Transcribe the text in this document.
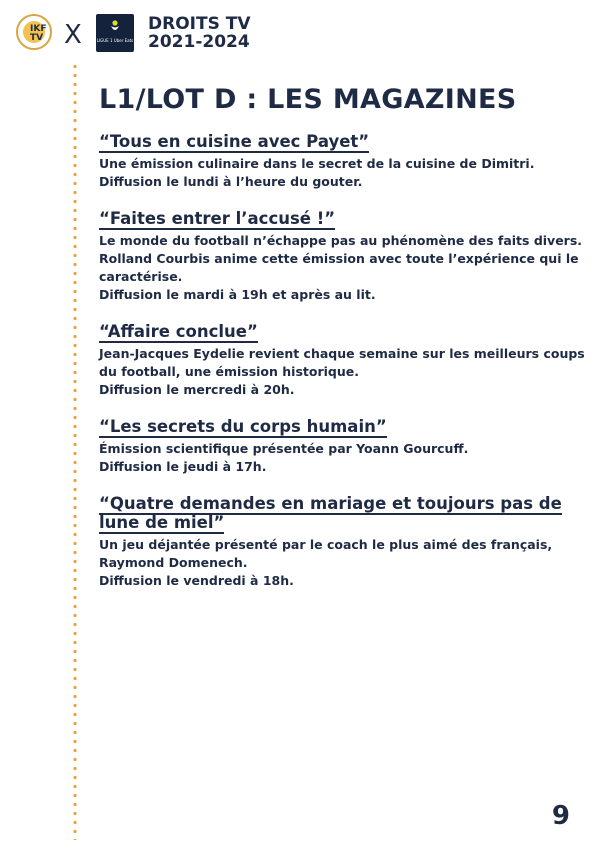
IKF TV X	LIGUE 1 Uber Eats
DROITS TV
2021-2024
L1/LOT D : LES MAGAZINES
“Tous en cuisine avec Payet”

Une émission culinaire dans le secret de la cuisine de Dimitri.

Diffusion le lundi à l’heure du gouter.

“Faites entrer l’accusé !”

Le monde du football n’échappe pas au phénomène des faits divers. Rolland Courbis anime cette émission avec toute l’expérience qui le caractérise.

Diffusion le mardi à 19h et après au lit.

“Affaire conclue”

Jean-Jacques Eydelie revient chaque semaine sur les meilleurs coups du football, une émission historique.

Diffusion le mercredi à 20h.

“Les secrets du corps humain”

Émission scientifique présentée par Yoann Gourcuff.

Diffusion le jeudi à 17h.

“Quatre demandes en mariage et toujours pas de lune de miel”

Un jeu déjantée présenté par le coach le plus aimé des français, Raymond Domenech.

Diffusion le vendredi à 18h.

9
